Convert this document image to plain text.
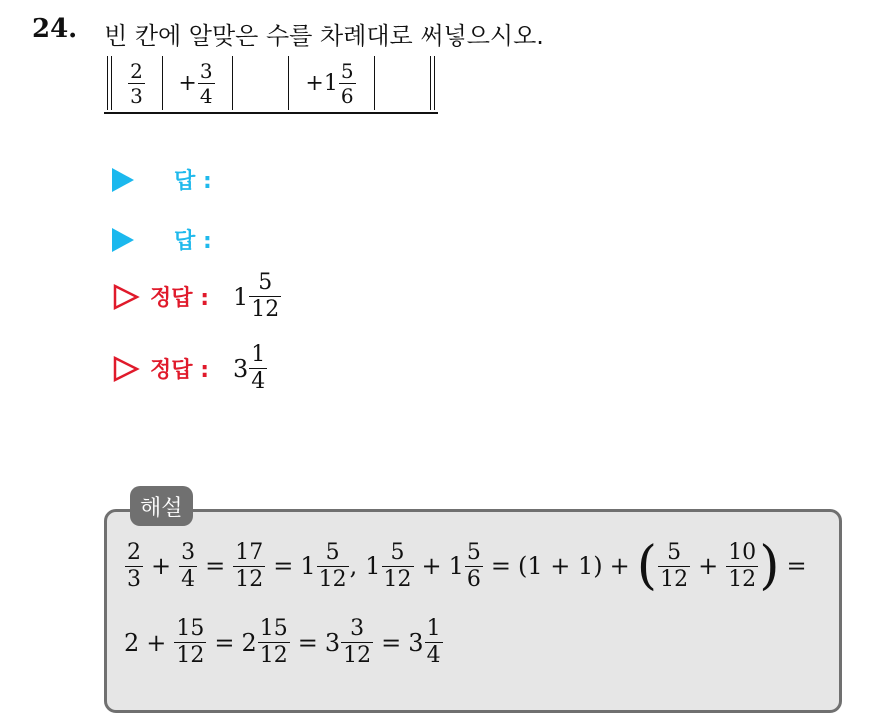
24. 빈 칸에 알맞은 수를 차례대로 써넣으시오.
$\frac{2}{3} + \frac{3}{4}$	+ $1 \frac{5}{6}$
답 :
답 :
정답 : $1 \frac{5}{12}$
정답 : $3 \frac{1}{4}$
해설
$\frac{2}{3} + \frac{3}{4} = \frac{17}{12} = 1 \frac{5}{12}$ , $1 \frac{5}{12} + 1 \frac{5}{6} = (1 + 1)$ + ( $\frac{5}{12} + \frac{10}{12}$ ) =
$2 + \frac{15}{12} = 2 \frac{15}{12} = 3 \frac{3}{12} = 3 \frac{1}{4}$
